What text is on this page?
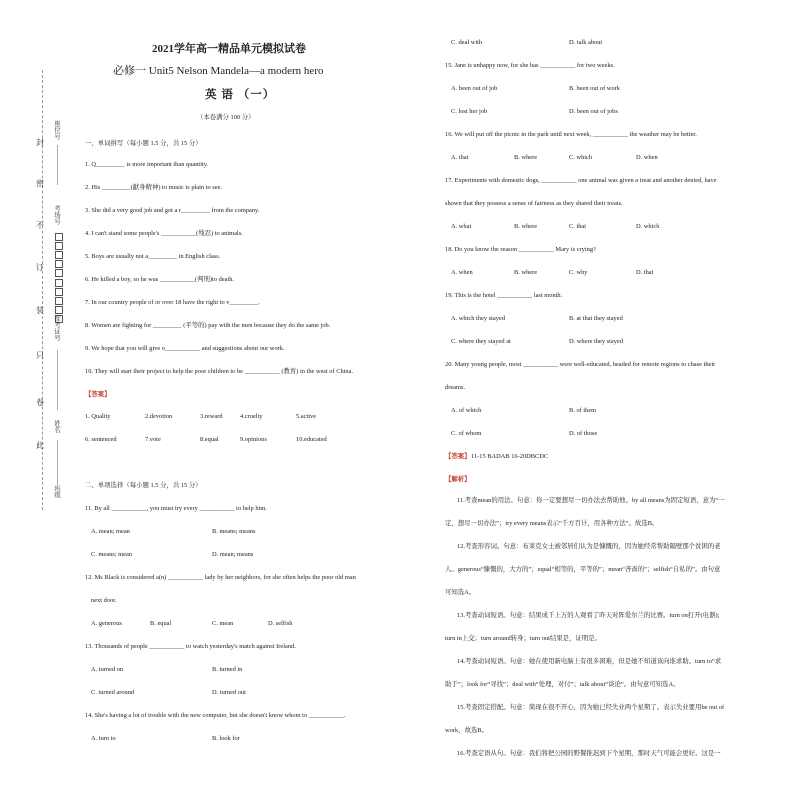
封
密
不
订
装
只
卷
此
座位号
考场号
准考证号
姓名
班级
2021学年高一精品单元模拟试卷
必修一 Unit5 Nelson Mandela—a modern hero
英 语 （一）
（本卷满分 100 分）
一、单词拼写（每小题 1.5 分，共 15 分）
1. Q_________ is more important than quantity.
2. His _________(献身精神) to music is plain to see.
3. She did a very good job and got a r_________ from the company.
4. I can't stand some people's ___________(残忍) to animals.
5. Boys are usually not a_________ in English class.
6. He killed a boy, so he was ___________(判刑)to death.
7. In our country people of or over 18 have the right to v_________.
8. Women are fighting for _________ (平等的) pay with the men because they do the same job.
9. We hope that you will give o___________ and suggestions about our work.
10. They will start their project to help the poor children to be ___________ (教育) in the west of China.
【答案】
1. Quality	2.devotion	3.reward	4.cruelty	5.active
6. sentenced	7.vote	8.equal	9.opinions	10.educated
二、单项选择（每小题 1.5 分，共 15 分）
11. By all ___________, you must try every ___________ to help him.
A. mean; mean	B. means; means
C. means; mean	D. mean; means
12. Ms Black is considered a(n) ___________ lady by her neighbors, for she often helps the poor old man
next door.
A. generous	B. equal	C. mean	D. selfish
13. Thousands of people ___________ to watch yesterday's match against Ireland.
A. turned on	B. turned in
C. turned around	D. turned out
14. She's having a lot of trouble with the new computer, but she doesn't know whom to ___________.
A. turn to	B. look for
C. deal with	D. talk about
15. Jane is unhappy now, for she has ___________ for two weeks.
A. been out of job	B. been out of work
C. lost her job	D. been out of jobs
16. We will put off the picnic in the park until next week, ___________ the weather may be better.
A. that	B. where	C. which	D. when
17. Experiments with domestic dogs, ___________ one animal was given a treat and another denied, have
shown that they possess a sense of fairness as they shared their treats.
A. what	B. where	C. that	D. which
18. Do you know the reason ___________ Mary is crying?
A. when	B. where	C. why	D. that
19. This is the hotel ___________ last month.
A. which they stayed	B. at that they stayed
C. where they stayed at	D. where they stayed
20. Many young people, most ___________ were well-educated, headed for remote regions to chase their
dreams.
A. of which	B. of them
C. of whom	D. of those
【答案】 11-15 BADAB 16-20DBCDC
【解析】
11.考查mean的用法。句意：你一定要想尽一切办法去帮助他。by all means为固定短语，意为“一
定，想尽一切办法”；try every means表示“千方百计，用各种方法”。故选B。
12.考查形容词。句意：布莱克女士被邻居们认为是慷慨的，因为她经常帮助隔壁那个贫困的老
人。generous“慷慨的，大方的”；equal“相等的，平等的”；mean“吝啬的”；selfish“自私的”。由句意
可知选A。
13.考查动词短语。句意：结果成千上万的人观看了昨天对阵爱尔兰的比赛。turn on打开(电器);
turn in上交；turn around转身；turn out结果是，证明是。
14.考查动词短语。句意：她在使用新电脑上有很多困难，但是她不知道该向谁求助。turn to“求
助于”；look for“寻找”；deal with“处理，对付”；talk about“谈论”。由句意可知选A。
15.考查固定搭配。句意：简现在很不开心，因为她已经失业两个星期了。表示失业要用be out of
work，故选B。
16.考查定语从句。句意：我们将把公园的野餐推迟到下个星期，那时天气可能会更好。这是一
